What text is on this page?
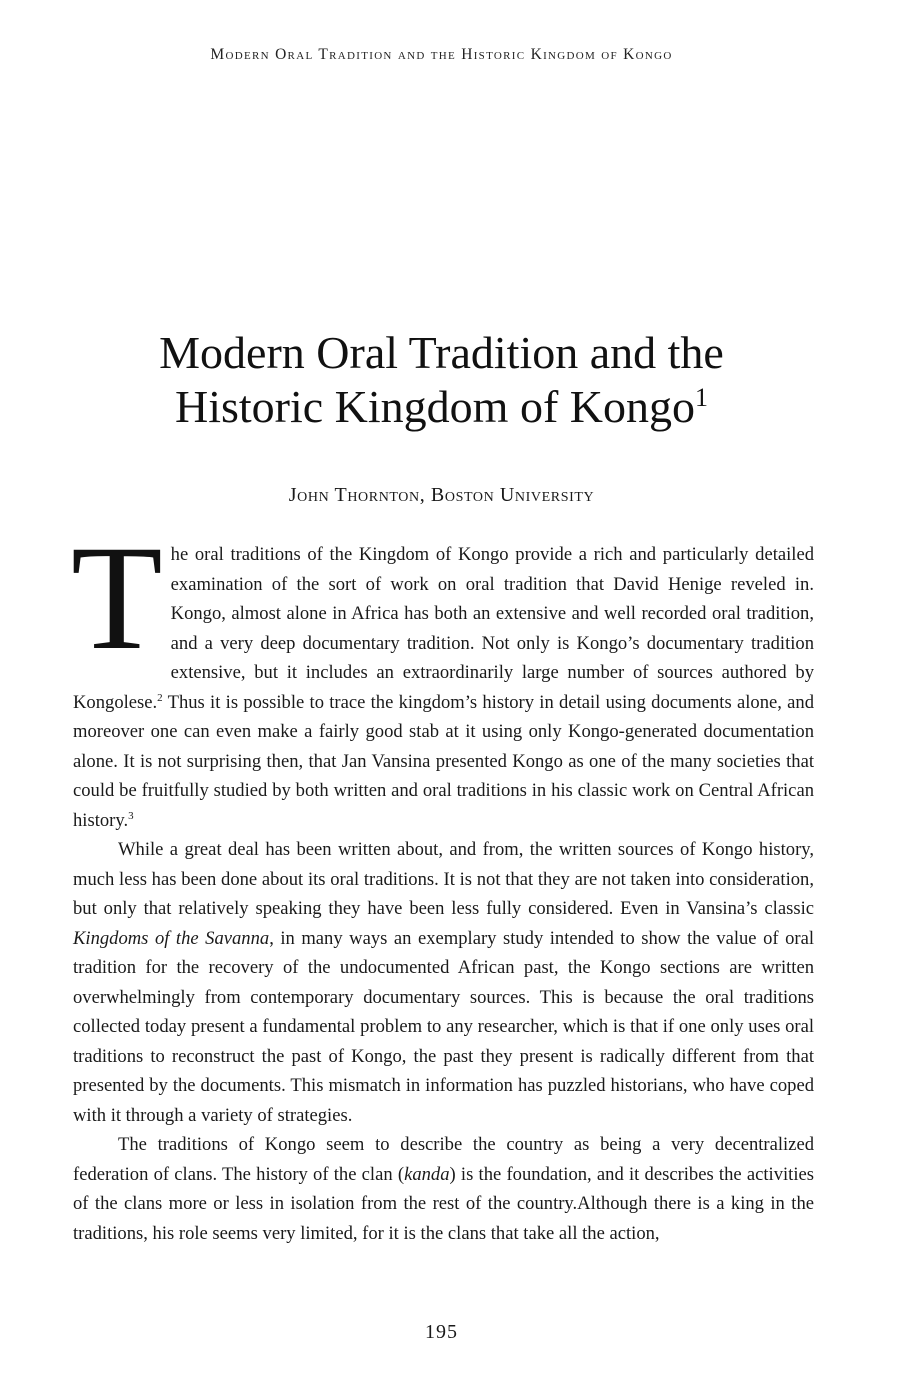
Modern Oral Tradition and the Historic Kingdom of Kongo
Modern Oral Tradition and the
Historic Kingdom of Kongo$^1$
John Thornton, Boston University

The oral traditions of the Kingdom of Kongo provide a rich and particularly detailed examination of the sort of work on oral tradition that David Henige reveled in. Kongo, almost alone in Africa has both an extensive and well recorded oral tradition, and a very deep documentary tradition. Not only is Kongo’s documentary tradition extensive, but it includes an extraordinarily large number of sources authored by Kongolese.$^2$ Thus it is possible to trace the kingdom’s history in detail using documents alone, and moreover one can even make a fairly good stab at it using only Kongo-generated documentation alone. It is not surprising then, that Jan Vansina presented Kongo as one of the many societies that could be fruitfully studied by both written and oral traditions in his classic work on Central African history.$^3$

While a great deal has been written about, and from, the written sources of Kongo history, much less has been done about its oral traditions. It is not that they are not taken into consideration, but only that relatively speaking they have been less fully considered. Even in Vansina’s classic Kingdoms of the Savanna, in many ways an exemplary study intended to show the value of oral tradition for the recovery of the undocumented African past, the Kongo sections are written overwhelmingly from contemporary documentary sources. This is because the oral traditions collected today present a fundamental problem to any researcher, which is that if one only uses oral traditions to reconstruct the past of Kongo, the past they present is radically different from that presented by the documents. This mismatch in information has puzzled historians, who have coped with it through a variety of strategies.

The traditions of Kongo seem to describe the country as being a very decentralized federation of clans. The history of the clan (kanda) is the foundation, and it describes the activities of the clans more or less in isolation from the rest of the country.Although there is a king in the traditions, his role seems very limited, for it is the clans that take all the action,

195
